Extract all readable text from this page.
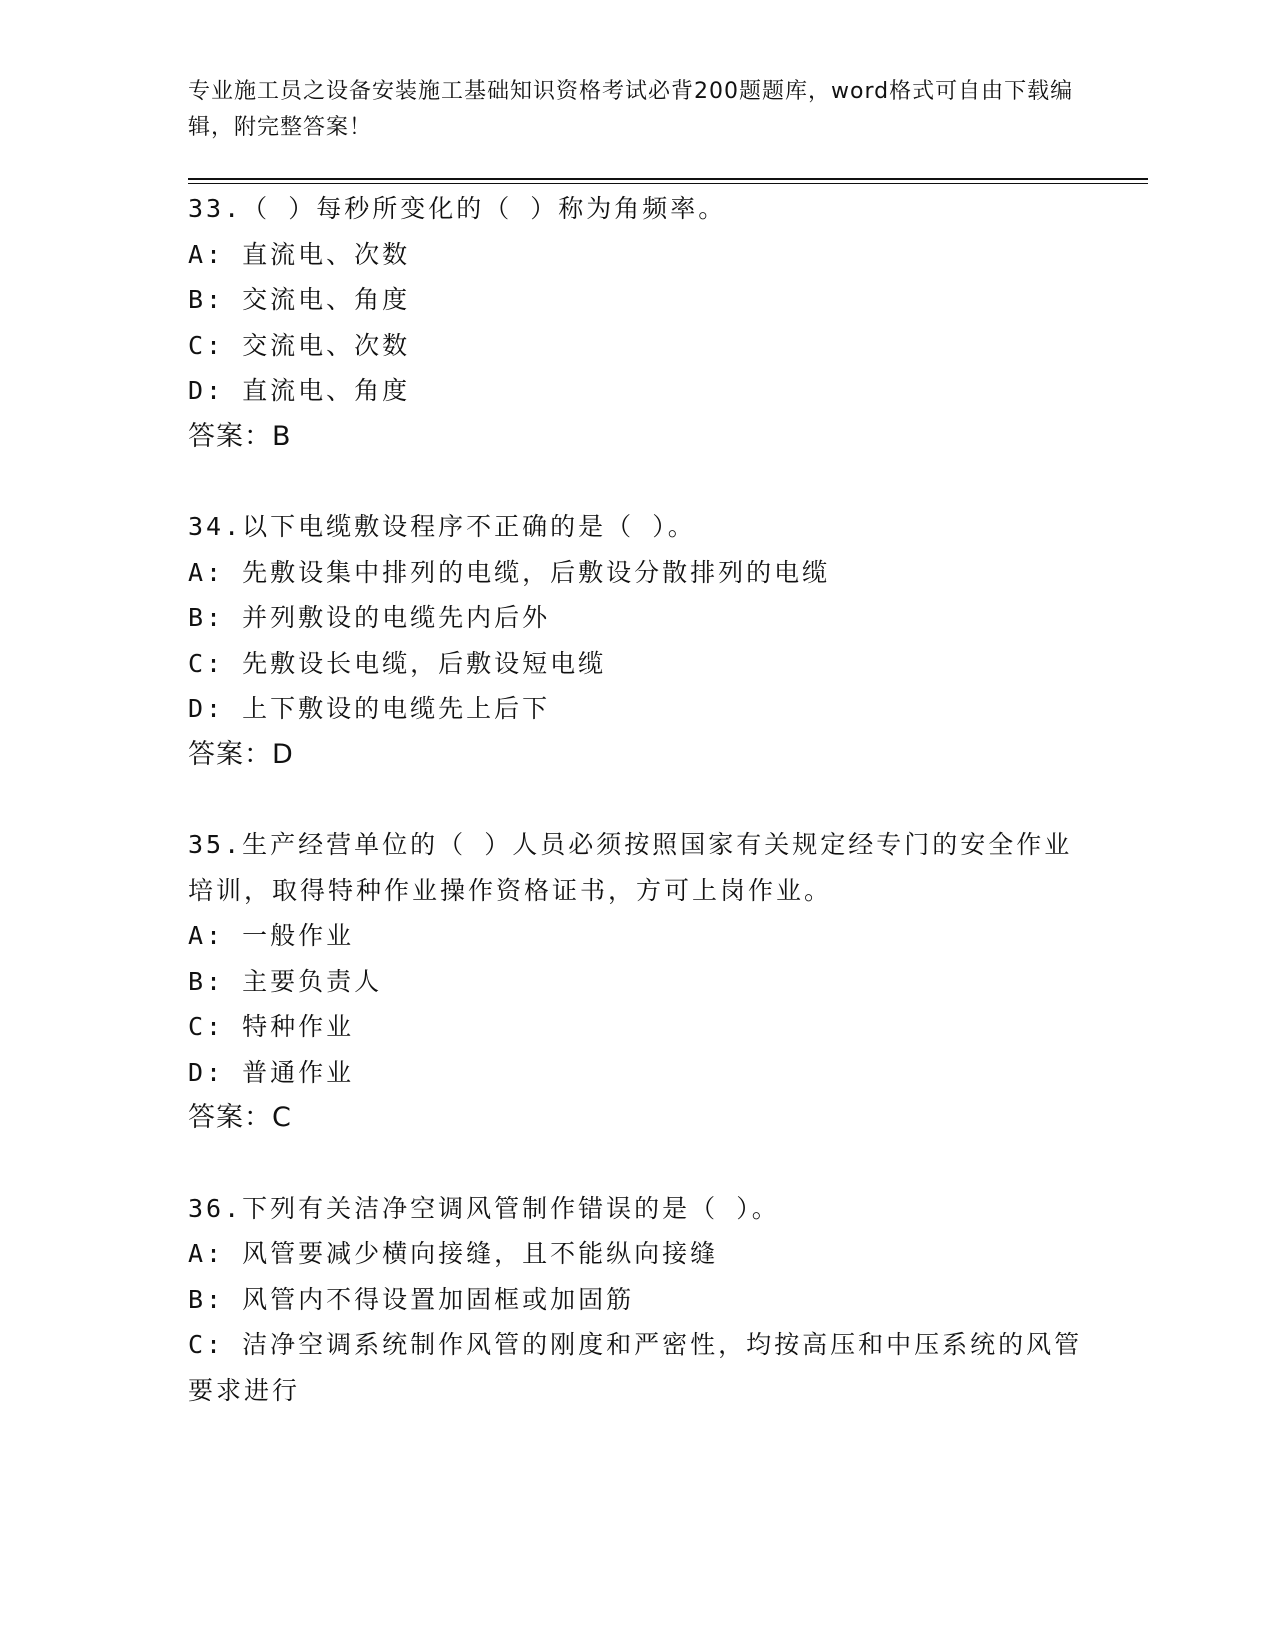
专业施工员之设备安装施工基础知识资格考试必背200题题库，word格式可自由下载编辑，附完整答案！
33.（ ）每秒所变化的（ ）称为角频率。
A: 直流电、次数
B: 交流电、角度
C: 交流电、次数
D: 直流电、角度
答案：B
34.以下电缆敷设程序不正确的是（ ）。
A: 先敷设集中排列的电缆，后敷设分散排列的电缆
B: 并列敷设的电缆先内后外
C: 先敷设长电缆，后敷设短电缆
D: 上下敷设的电缆先上后下
答案：D
35.生产经营单位的（ ）人员必须按照国家有关规定经专门的安全作业培训，取得特种作业操作资格证书，方可上岗作业。
A: 一般作业
B: 主要负责人
C: 特种作业
D: 普通作业
答案：C
36.下列有关洁净空调风管制作错误的是（ ）。
A: 风管要减少横向接缝，且不能纵向接缝
B: 风管内不得设置加固框或加固筋
C: 洁净空调系统制作风管的刚度和严密性，均按高压和中压系统的风管要求进行
